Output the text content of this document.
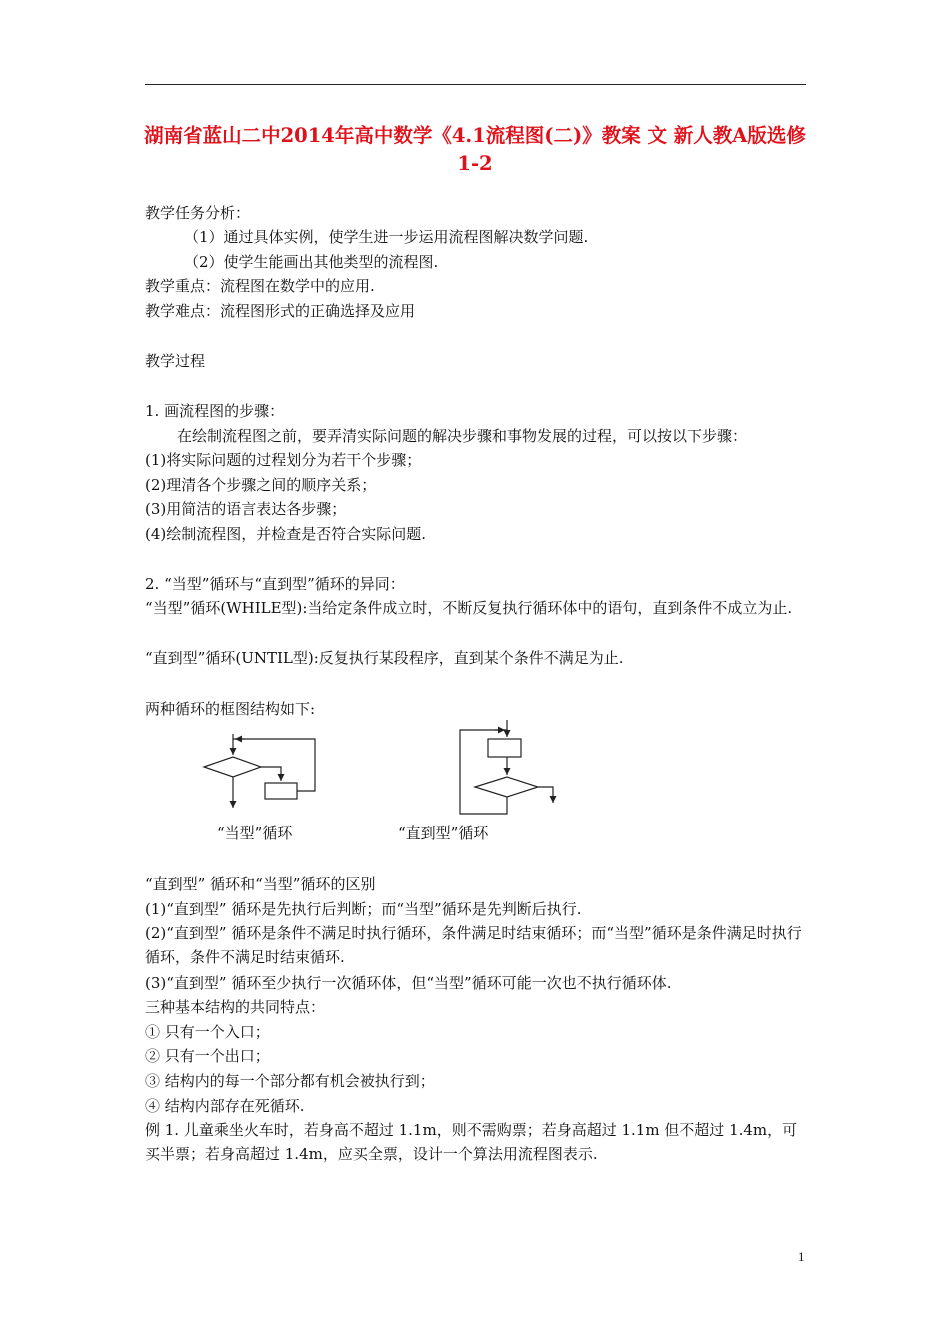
湖南省蓝山二中2014年高中数学《4.1流程图(二)》教案 文 新人教A版选修1-2
教学任务分析：
（1）通过具体实例，使学生进一步运用流程图解决数学问题.
（2）使学生能画出其他类型的流程图.
教学重点：流程图在数学中的应用.
教学难点：流程图形式的正确选择及应用
教学过程
1. 画流程图的步骤：
在绘制流程图之前，要弄清实际问题的解决步骤和事物发展的过程，可以按以下步骤：
(1)将实际问题的过程划分为若干个步骤；
(2)理清各个步骤之间的顺序关系；
(3)用简洁的语言表达各步骤；
(4)绘制流程图，并检查是否符合实际问题.
2. “当型”循环与“直到型”循环的异同：
“当型”循环(WHILE型):当给定条件成立时，不断反复执行循环体中的语句，直到条件不成立为止.
“直到型”循环(UNTIL型):反复执行某段程序，直到某个条件不满足为止.
两种循环的框图结构如下:
“当型”循环	“直到型”循环
“直到型” 循环和“当型”循环的区别
(1)“直到型” 循环是先执行后判断；而“当型”循环是先判断后执行.
(2)“直到型” 循环是条件不满足时执行循环，条件满足时结束循环；而“当型”循环是条件满足时执行循环，条件不满足时结束循环.
(3)“直到型” 循环至少执行一次循环体，但“当型”循环可能一次也不执行循环体.
三种基本结构的共同特点：
① 只有一个入口；
② 只有一个出口；
③ 结构内的每一个部分都有机会被执行到；
④ 结构内部存在死循环.
例 1. 儿童乘坐火车时，若身高不超过 1.1m，则不需购票；若身高超过 1.1m 但不超过 1.4m，可买半票；若身高超过 1.4m，应买全票，设计一个算法用流程图表示.
1
